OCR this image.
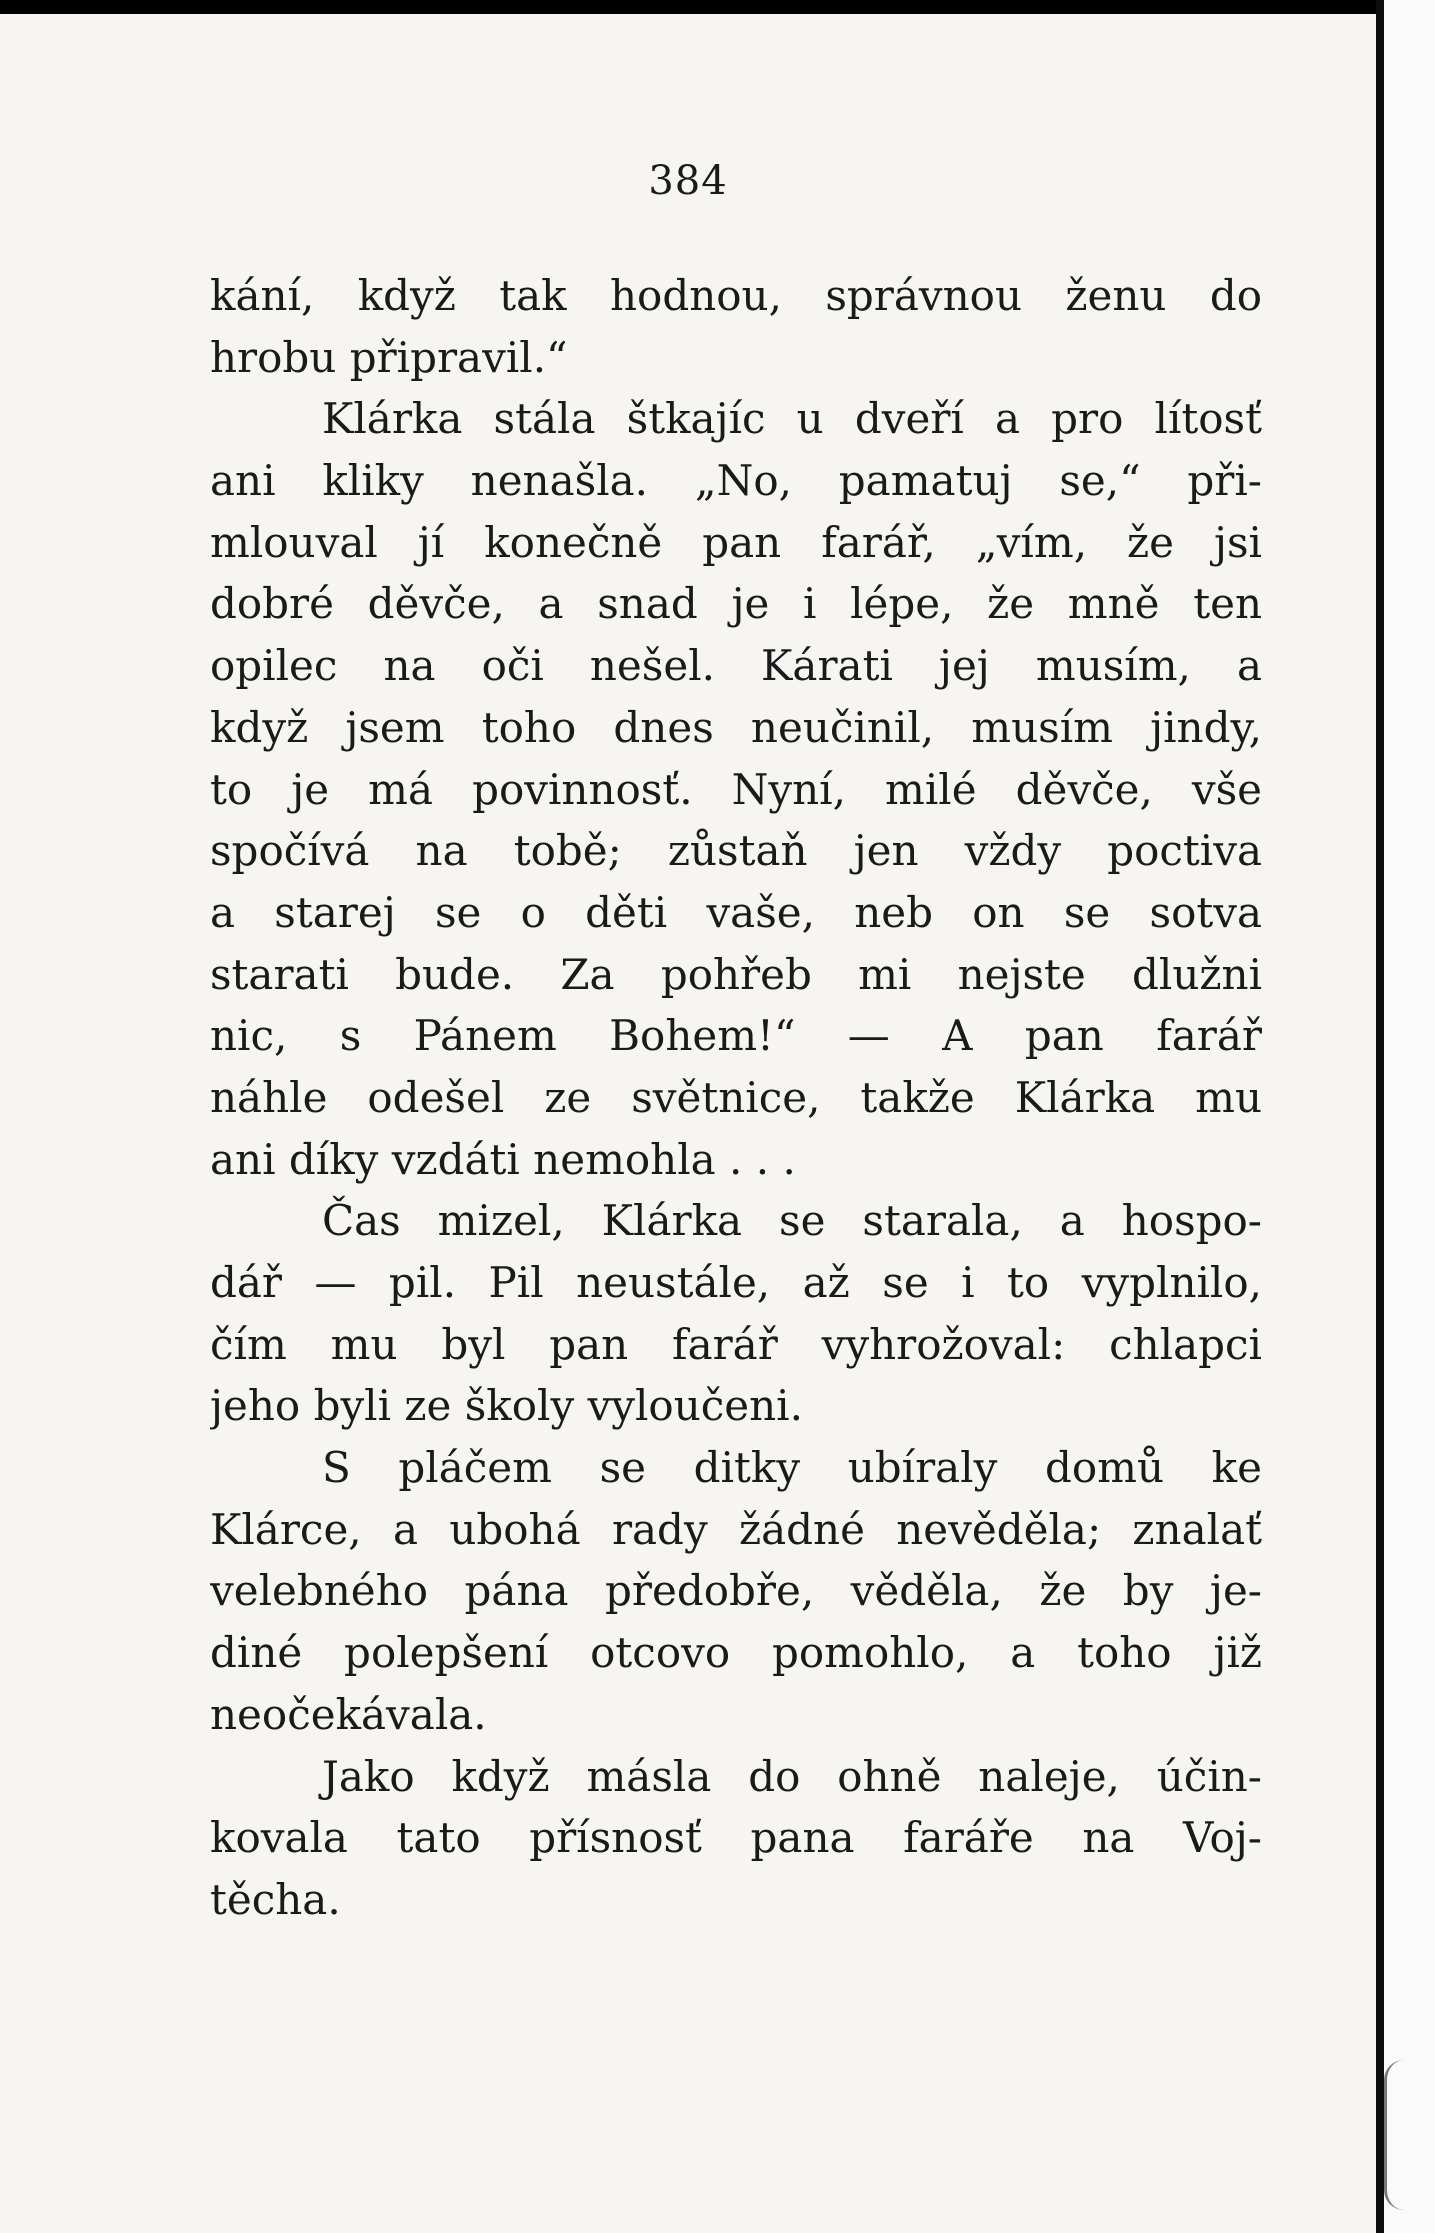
384
kání, když tak hodnou, správnou ženu do
hrobu připravil.“
Klárka stála štkajíc u dveří a pro lítosť
ani kliky nenašla. „No, pamatuj se,“ při-
mlouval jí konečně pan farář, „vím, že jsi
dobré děvče, a snad je i lépe, že mně ten
opilec na oči nešel. Kárati jej musím, a
když jsem toho dnes neučinil, musím jindy,
to je má povinnosť. Nyní, milé děvče, vše
spočívá na tobě; zůstaň jen vždy poctiva
a starej se o děti vaše, neb on se sotva
starati bude. Za pohřeb mi nejste dlužni
nic, s Pánem Bohem!“ — A pan farář
náhle odešel ze světnice, takže Klárka mu
ani díky vzdáti nemohla . . .
Čas mizel, Klárka se starala, a hospo-
dář — pil. Pil neustále, až se i to vyplnilo,
čím mu byl pan farář vyhrožoval: chlapci
jeho byli ze školy vyloučeni.
S pláčem se ditky ubíraly domů ke
Klárce, a ubohá rady žádné nevěděla; znalať
velebného pána předobře, věděla, že by je-
diné polepšení otcovo pomohlo, a toho již
neočekávala.
Jako když másla do ohně naleje, účin-
kovala tato přísnosť pana faráře na Voj-
těcha.
